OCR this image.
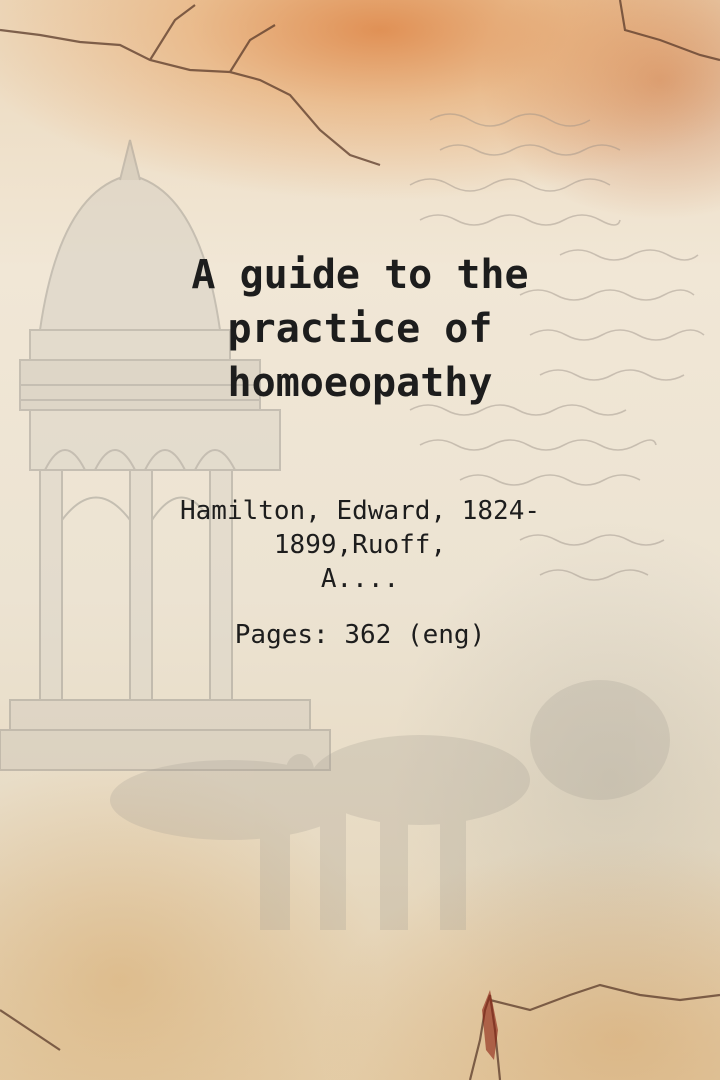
A guide to the
practice of
homoeopathy
Hamilton, Edward, 1824-1899,Ruoff,
A....
Pages: 362 (eng)
